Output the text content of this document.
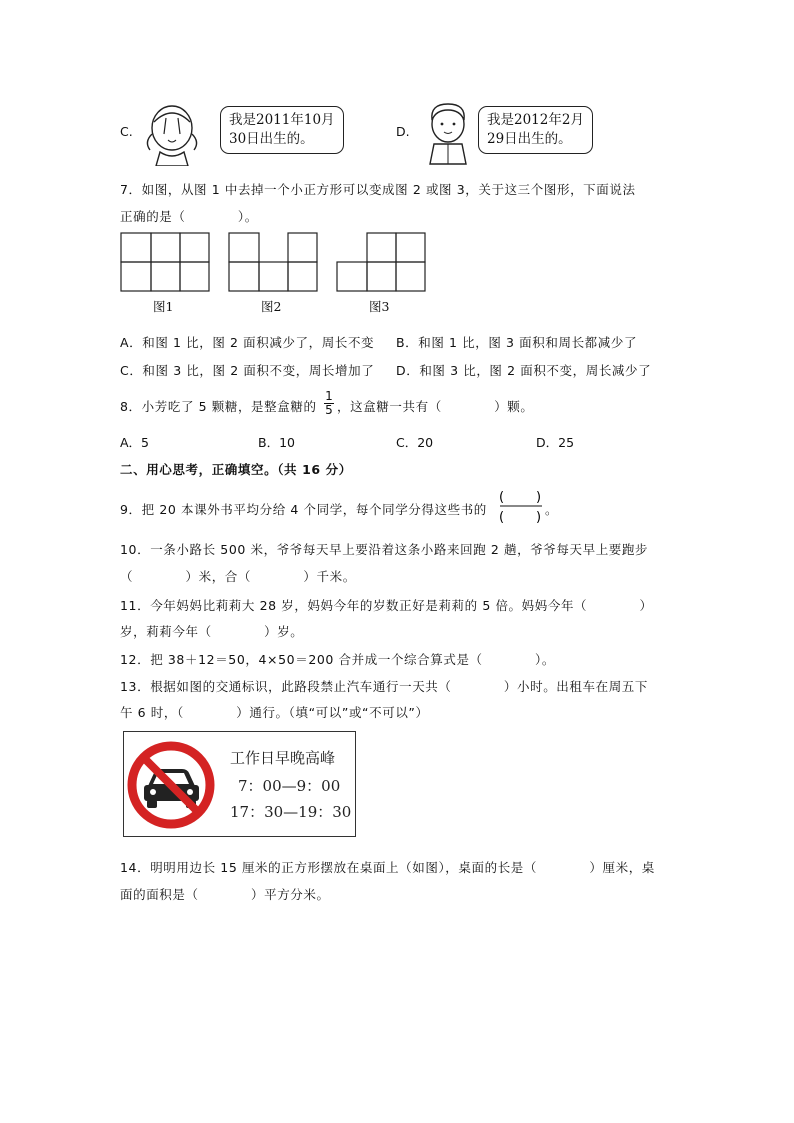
C.
我是2011年10月
30日出生的。	D.
我是2012年2月
29日出生的。
7．如图，从图 1 中去掉一个小正方形可以变成图 2 或图 3，关于这三个图形，下面说法
正确的是（　　　　）。
图1	图2	图3
A．和图 1 比，图 2 面积减少了，周长不变 B．和图 1 比，图 3 面积和周长都减少了
C．和图 3 比，图 2 面积不变，周长增加了 D．和图 3 比，图 2 面积不变，周长减少了
8．小芳吃了 5 颗糖，是整盒糖的
1
5 ，这盒糖一共有（　　　　）颗。
A．5	B．10	C．20	D．25
二、用心思考，正确填空。（共 16 分）
9．把 20 本课外书平均分给 4 个同学，每个同学分得这些书的
( )
( )
。
10．一条小路长 500 米，爷爷每天早上要沿着这条小路来回跑 2 趟，爷爷每天早上要跑步
（　　　　）米，合（　　　　）千米。
11．今年妈妈比莉莉大 28 岁，妈妈今年的岁数正好是莉莉的 5 倍。妈妈今年（　　　　）
岁，莉莉今年（　　　　）岁。
12．把 38＋12＝50，4×50＝200 合并成一个综合算式是（　　　　）。
13．根据如图的交通标识，此路段禁止汽车通行一天共（　　　　）小时。出租车在周五下
午 6 时，（　　　　）通行。（填“可以”或“不可以”）
工作日早晚高峰
7：00—9：00
17：30—19：30
14．明明用边长 15 厘米的正方形摆放在桌面上（如图），桌面的长是（　　　　）厘米，桌
面的面积是（　　　　）平方分米。
